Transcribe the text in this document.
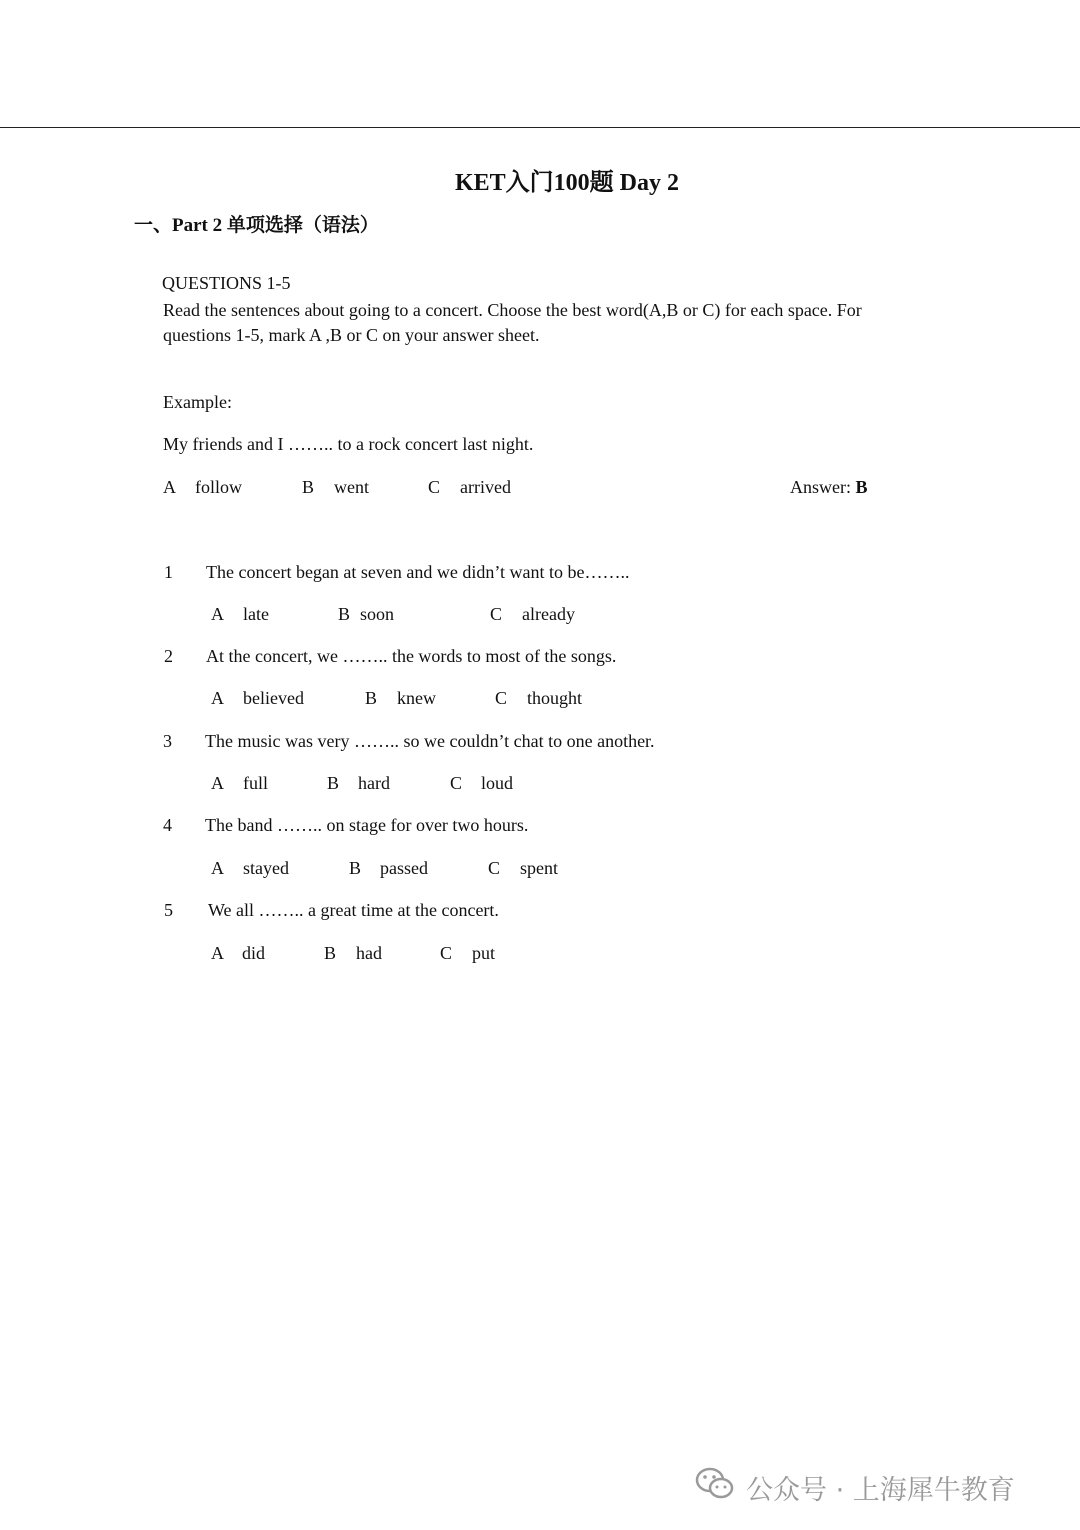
KET入门100题 Day 2
一、Part 2 单项选择（语法）
QUESTIONS 1-5
Read the sentences about going to a concert. Choose the best word(A,B or C) for each space. For questions 1-5, mark A ,B or C on your answer sheet.
Example:
My friends and I …….. to a rock concert last night.
A follow	B went	C arrived	Answer: B
1 The concert began at seven and we didn’t want to be……..
A late	B soon	C already
2 At the concert, we …….. the words to most of the songs.
A believed	B knew	C thought
3 The music was very …….. so we couldn’t chat to one another.
A full	B hard	C loud
4 The band …….. on stage for over two hours.
A stayed	B passed	C spent
5 We all …….. a great time at the concert.
A did	B had	C put
公众号 · 上海犀牛教育
